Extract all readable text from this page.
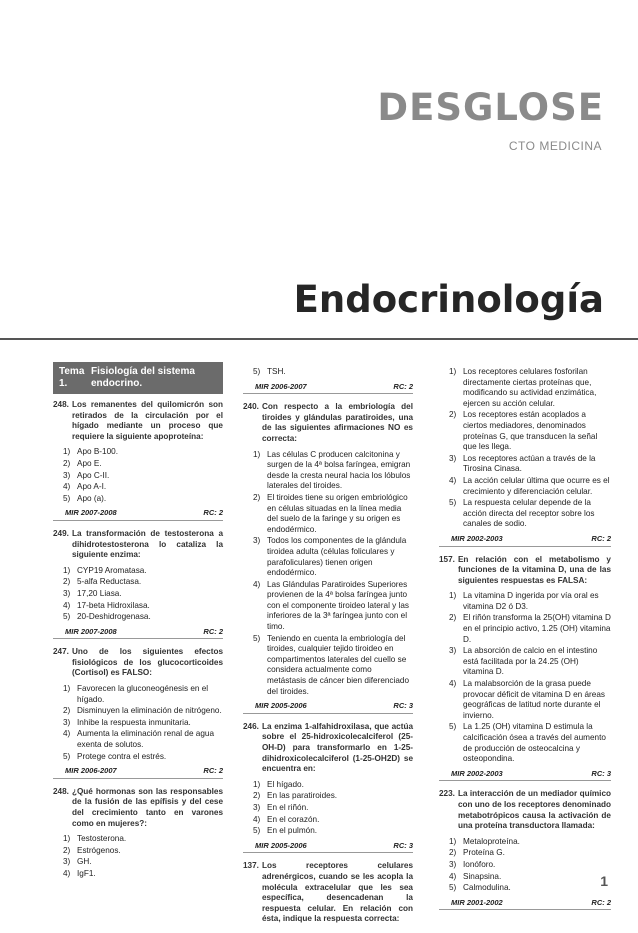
DESGLOSE
CTO MEDICINA
Endocrinología
Tema 1.
Fisiología del sistema endocrino.
248. Los remanentes del quilomicrón son retirados de la circulación por el hígado mediante un proceso que requiere la siguiente apoproteína:
1) Apo B-100.
2) Apo E.
3) Apo C-II.
4) Apo A-I.
5) Apo (a).
MIR 2007-2008	RC: 2
249. La transformación de testosterona a dihidrotestosterona lo cataliza la siguiente enzima:
1) CYP19 Aromatasa.
2) 5-alfa Reductasa.
3) 17,20 Liasa.
4) 17-beta Hidroxilasa.
5) 20-Deshidrogenasa.
MIR 2007-2008	RC: 2
247. Uno de los siguientes efectos fisiológicos de los glucocorticoides (Cortisol) es FALSO:
1) Favorecen la gluconeogénesis en el hígado.
2) Disminuyen la eliminación de nitrógeno.
3) Inhibe la respuesta inmunitaria.
4) Aumenta la eliminación renal de agua exenta de solutos.
5) Protege contra el estrés.
MIR 2006-2007	RC: 2
248. ¿Qué hormonas son las responsables de la fusión de las epífisis y del cese del crecimiento tanto en varones como en mujeres?:
1) Testosterona.
2) Estrógenos.
3) GH.
4) IgF1.
5) TSH.
MIR 2006-2007	RC: 2
240. Con respecto a la embriología del tiroides y glándulas paratiroides, una de las siguientes afirmaciones NO es correcta:
1) Las células C producen calcitonina y surgen de la 4ª bolsa faríngea, emigran desde la cresta neural hacia los lóbulos laterales del tiroides.
2) El tiroides tiene su origen embriológico en células situadas en la línea media del suelo de la faringe y su origen es endodérmico.
3) Todos los componentes de la glándula tiroidea adulta (células foliculares y parafoliculares) tienen origen endodérmico.
4) Las Glándulas Paratiroides Superiores provienen de la 4ª bolsa faríngea junto con el componente tiroideo lateral y las inferiores de la 3ª faríngea junto con el timo.
5) Teniendo en cuenta la embriología del tiroides, cualquier tejido tiroideo en compartimentos laterales del cuello se considera actualmente como metástasis de cáncer bien diferenciado del tiroides.
MIR 2005-2006	RC: 3
246. La enzima 1-alfahidroxilasa, que actúa sobre el 25-hidroxicolecalciferol (25-OH-D) para transformarlo en 1-25-dihidroxicolecalciferol (1-25-OH2D) se encuentra en:
1) El hígado.
2) En las paratiroides.
3) En el riñón.
4) En el corazón.
5) En el pulmón.
MIR 2005-2006	RC: 3
137. Los receptores celulares adrenérgicos, cuando se les acopla la molécula extracelular que les sea específica, desencadenan la respuesta celular. En relación con ésta, indique la respuesta correcta:
1) Los receptores celulares fosforilan directamente ciertas proteínas que, modificando su actividad enzimática, ejercen su acción celular.
2) Los receptores están acoplados a ciertos mediadores, denominados proteínas G, que transducen la señal que les llega.
3) Los receptores actúan a través de la Tirosina Cinasa.
4) La acción celular última que ocurre es el crecimiento y diferenciación celular.
5) La respuesta celular depende de la acción directa del receptor sobre los canales de sodio.
MIR 2002-2003	RC: 2
157. En relación con el metabolismo y funciones de la vitamina D, una de las siguientes respuestas es FALSA:
1) La vitamina D ingerida por vía oral es vitamina D2 ó D3.
2) El riñón transforma la 25(OH) vitamina D en el principio activo, 1.25 (OH) vitamina D.
3) La absorción de calcio en el intestino está facilitada por la 24.25 (OH) vitamina D.
4) La malabsorción de la grasa puede provocar déficit de vitamina D en áreas geográficas de latitud norte durante el invierno.
5) La 1.25 (OH) vitamina D estimula la calcificación ósea a través del aumento de producción de osteocalcina y osteopondina.
MIR 2002-2003	RC: 3
223. La interacción de un mediador químico con uno de los receptores denominado metabotrópicos causa la activación de una proteína transductora llamada:
1) Metaloproteína.
2) Proteína G.
3) Ionóforo.
4) Sinapsina.
5) Calmodulina.
MIR 2001-2002	RC: 2
1
